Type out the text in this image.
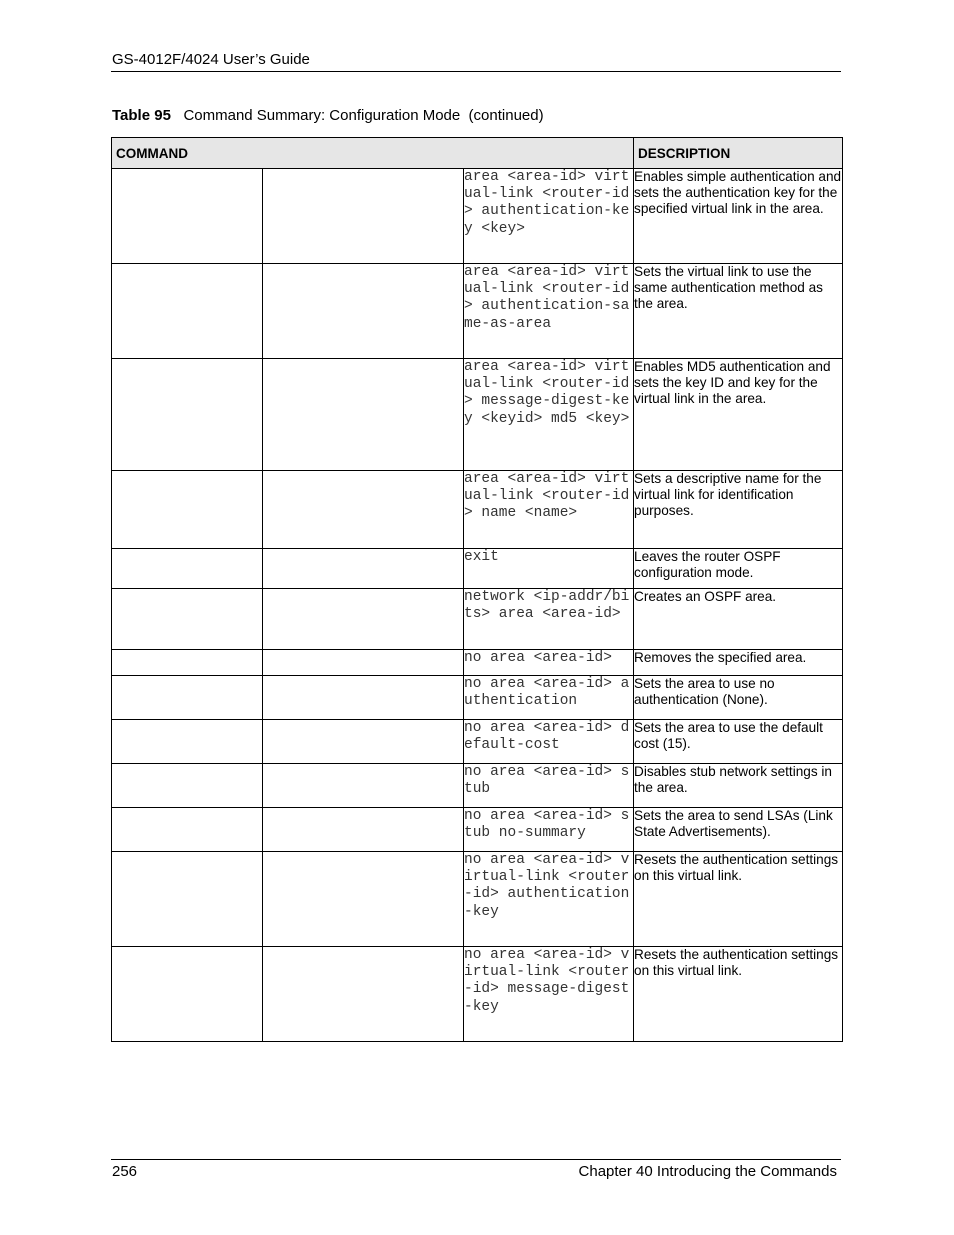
GS-4012F/4024 User’s Guide
Table 95 Command Summary: Configuration Mode  (continued)
COMMAND			DESCRIPTION
		area <area-id> virtual-link <router-id> authentication-key <key>	Enables simple authentication and sets the authentication key for the specified virtual link in the area.
		area <area-id> virtual-link <router-id> authentication-same-as-area	Sets the virtual link to use the same authentication method as the area.
		area <area-id> virtual-link <router-id> message-digest-key <keyid> md5 <key>	Enables MD5 authentication and sets the key ID and key for the virtual link in the area.
		area <area-id> virtual-link <router-id> name <name>	Sets a descriptive name for the virtual link for identification purposes.
		exit	Leaves the router OSPF configuration mode.
		network <ip-addr/bits> area <area-id>	Creates an OSPF area.
		no area <area-id>	Removes the specified area.
		no area <area-id> authentication	Sets the area to use no authentication (None).
		no area <area-id> default-cost	Sets the area to use the default cost (15).
		no area <area-id> stub	Disables stub network settings in the area.
		no area <area-id> stub no-summary	Sets the area to send LSAs (Link State Advertisements).
		no area <area-id> virtual-link <router-id> authentication-key	Resets the authentication settings on this virtual link.
		no area <area-id> virtual-link <router-id> message-digest-key	Resets the authentication settings on this virtual link.
256	Chapter 40 Introducing the Commands
